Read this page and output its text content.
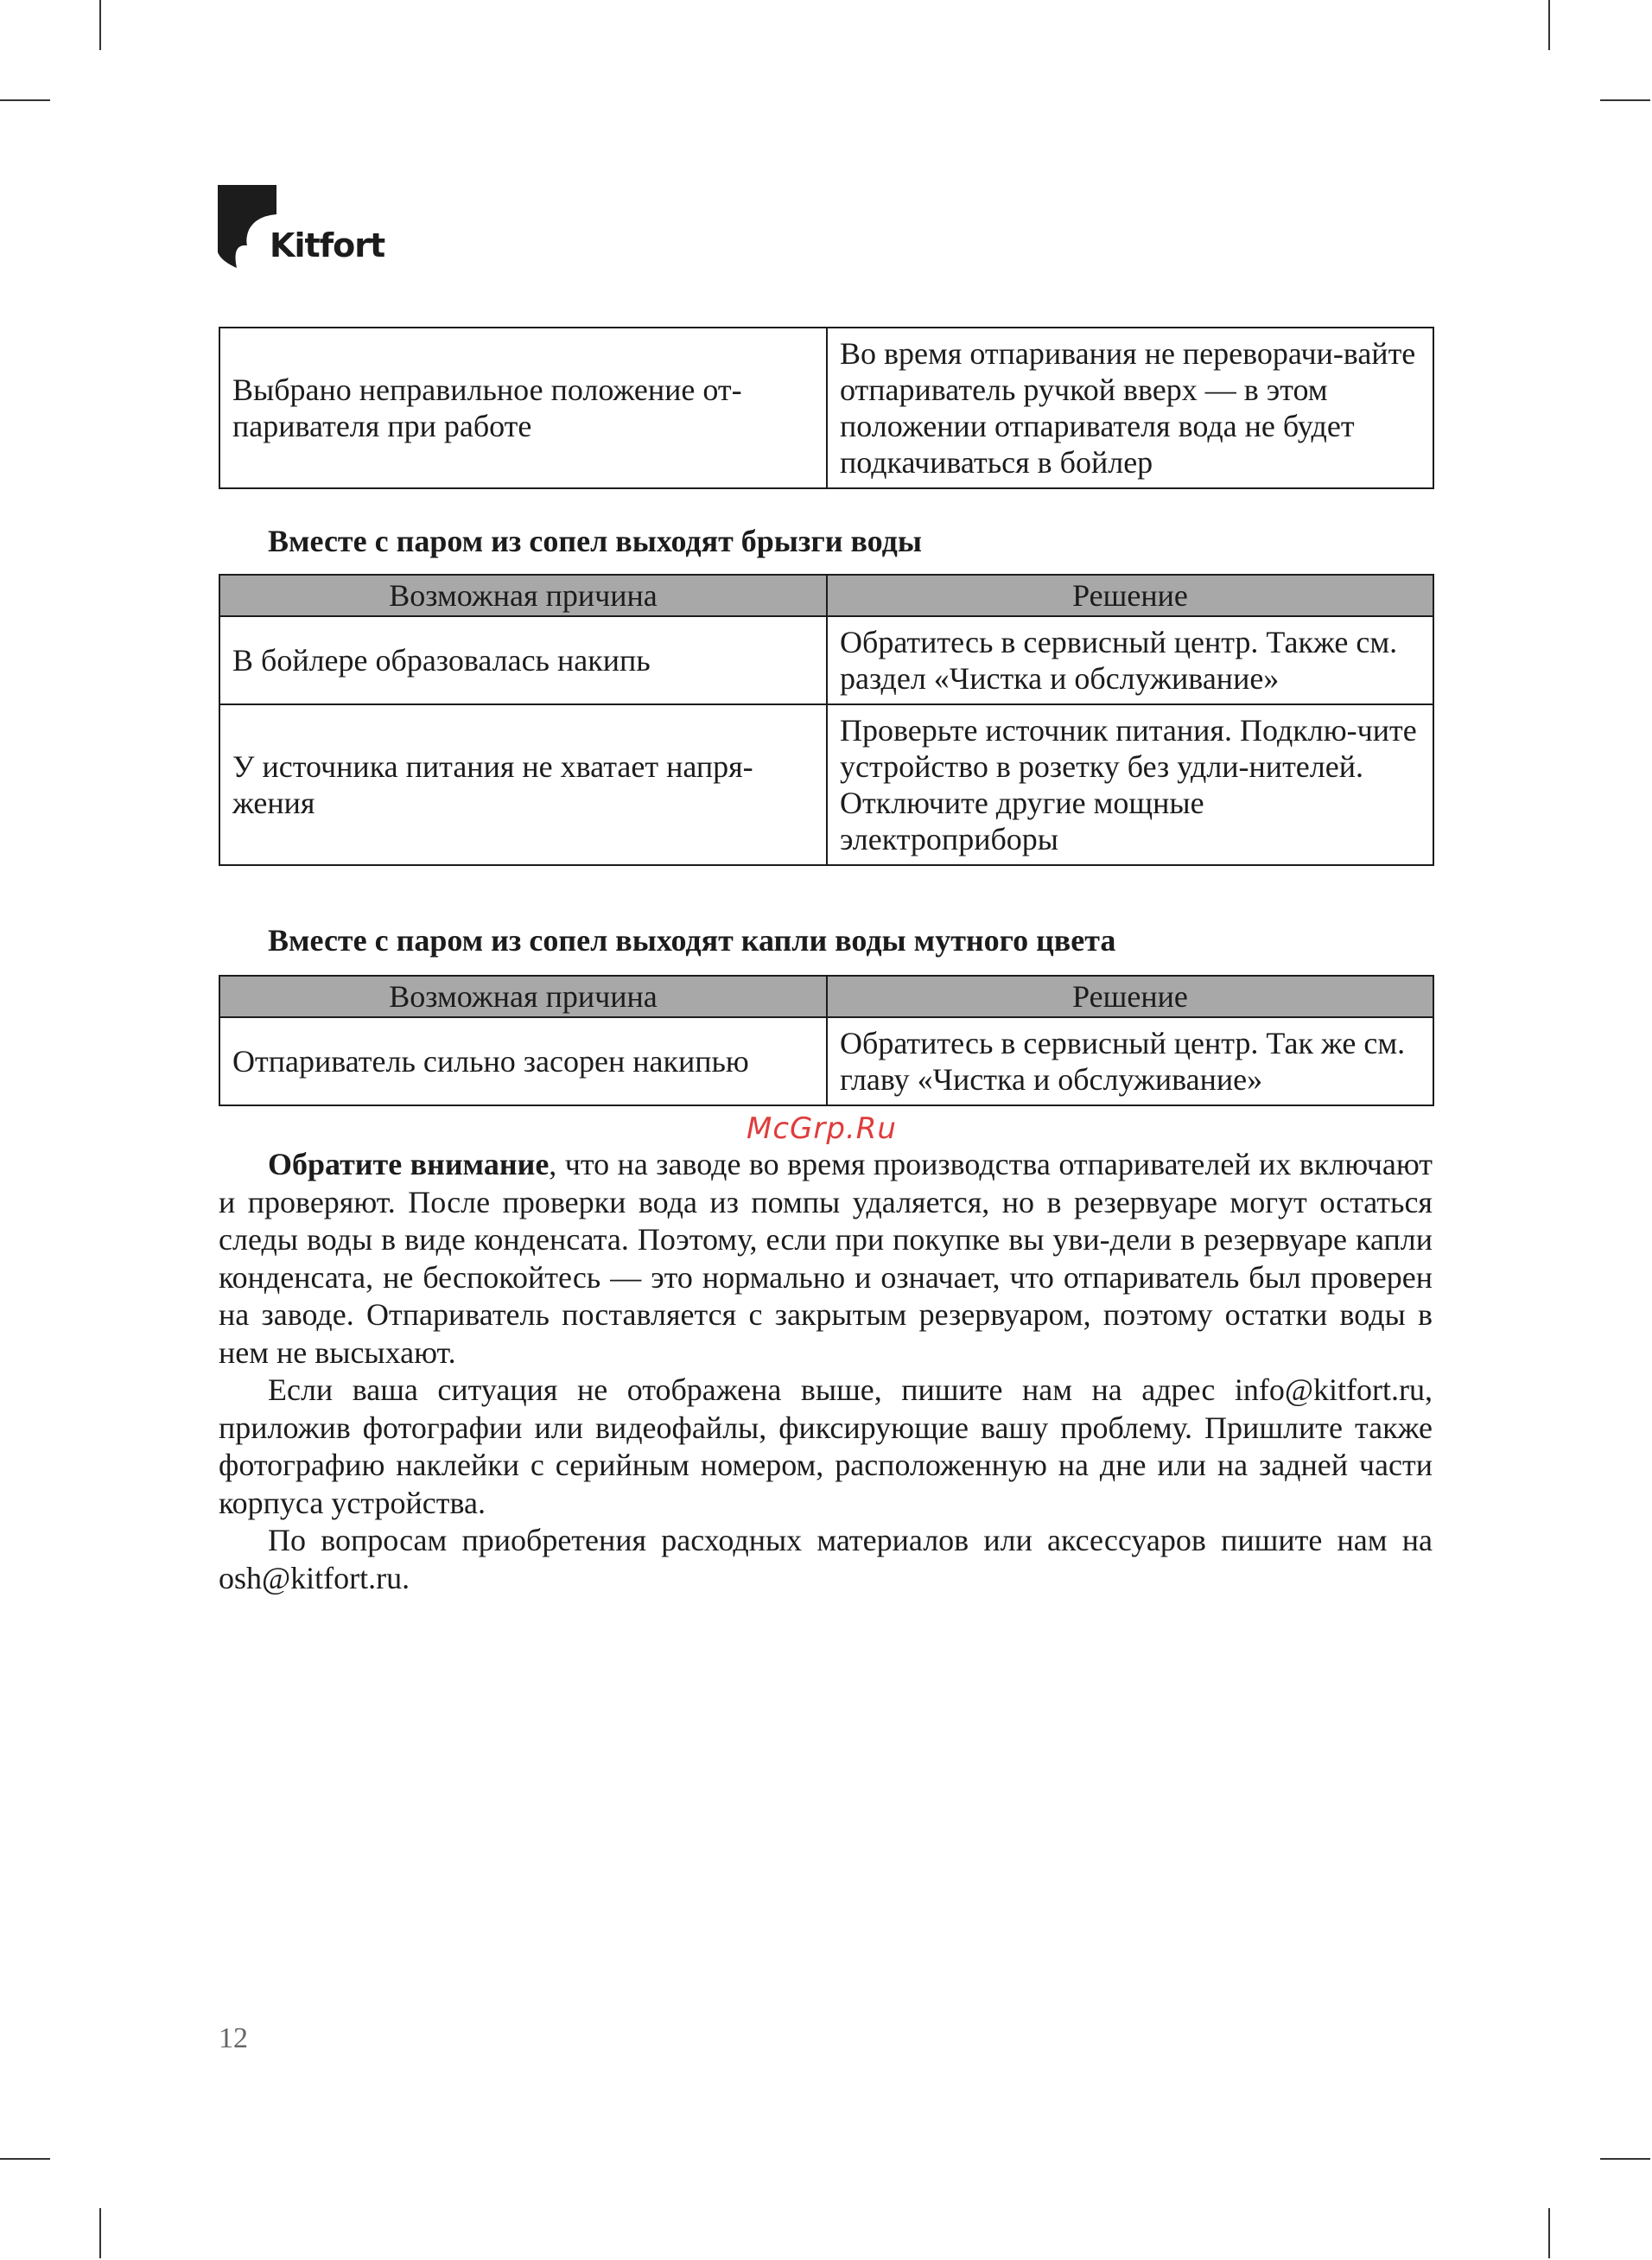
Kitfort
Выбрано неправильное положение от-паривателя при работе	Во время отпаривания не переворачи-вайте отпариватель ручкой вверх — в этом положении отпаривателя вода не будет подкачиваться в бойлер
Вместе с паром из сопел выходят брызги воды
Возможная причина	Решение
В бойлере образовалась накипь	Обратитесь в сервисный центр. Также см. раздел «Чистка и обслуживание»
У источника питания не хватает напря-жения	Проверьте источник питания. Подклю-чите устройство в розетку без удли-нителей. Отключите другие мощные электроприборы
Вместе с паром из сопел выходят капли воды мутного цвета
Возможная причина	Решение
Отпариватель сильно засорен накипью	Обратитесь в сервисный центр. Так же см. главу «Чистка и обслуживание»
McGrp.Ru

Обратите внимание, что на заводе во время производства отпаривателей их включают и проверяют. После проверки вода из помпы удаляется, но в резервуаре могут остаться следы воды в виде конденсата. Поэтому, если при покупке вы уви-дели в резервуаре капли конденсата, не беспокойтесь — это нормально и означает, что отпариватель был проверен на заводе. Отпариватель поставляется с закрытым резервуаром, поэтому остатки воды в нем не высыхают.

Если ваша ситуация не отображена выше, пишите нам на адрес info@kitfort.ru, приложив фотографии или видеофайлы, фиксирующие вашу проблему. Пришлите также фотографию наклейки с серийным номером, расположенную на дне или на задней части корпуса устройства.

По вопросам приобретения расходных материалов или аксессуаров пишите нам на osh@kitfort.ru.

12
